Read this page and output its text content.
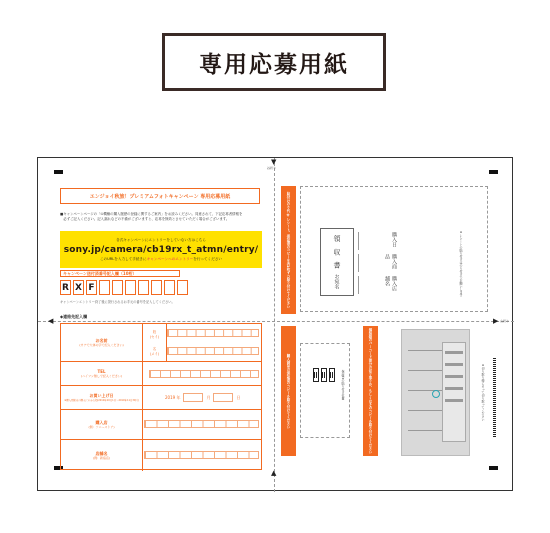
専用応募用紙
▼
谷折り
▲
◀	▶ 山折り
エンジョイ秋旅！プレミアムフォトキャンペーン 専用応募用紙

■キャンペーンページの「①機種の購入履歴の登録に関するご案内」をお読みください。同意されて、下記応募者情報を

　必ずご記入ください。記入漏れなどの不備がございますと、応募を無効とさせていただく場合がございます。

各式キャンペーンにエントリーをしていない方はこちら
sony.jp/camera/cb19rx_t_atmn/entry/
このURLを入力して手続きにキャンペーンへのエントリーを行ってください
キャンペーン送付済番号記入欄（10桁）
R X F
キャンペーンエントリー終了後に発行されるお手元の番号を記入してください。
◆連絡先記入欄
お名前
(カナで大体の字で記入ください)
姓
(セイ)
名
(メイ)
TEL
(ハイフン無しで記入ください)
お買い上げ日
※購入期間内の購入にのみ有効(2019年10月1日〜2019年11月30日)
2019 年	月	日
購入店
(例：ソニーストア)
店舗名
(例：新宿店)
貼付けのり代 ※レシート、保証書のコピーを各1枚ずつ貼り付けてください
購入商品の保証書のコピーを貼り付けてください	個装箱のバーコード部分の切り取りか、もしくはそのコピーを貼り付けてください
領 収 書
お宛名
購入日
購入商品
購入店舗名	※レシートの貼り付けはのり付けでお願いします
保証書の貼り付け位置	※切り取り線にそって切り取ってください
